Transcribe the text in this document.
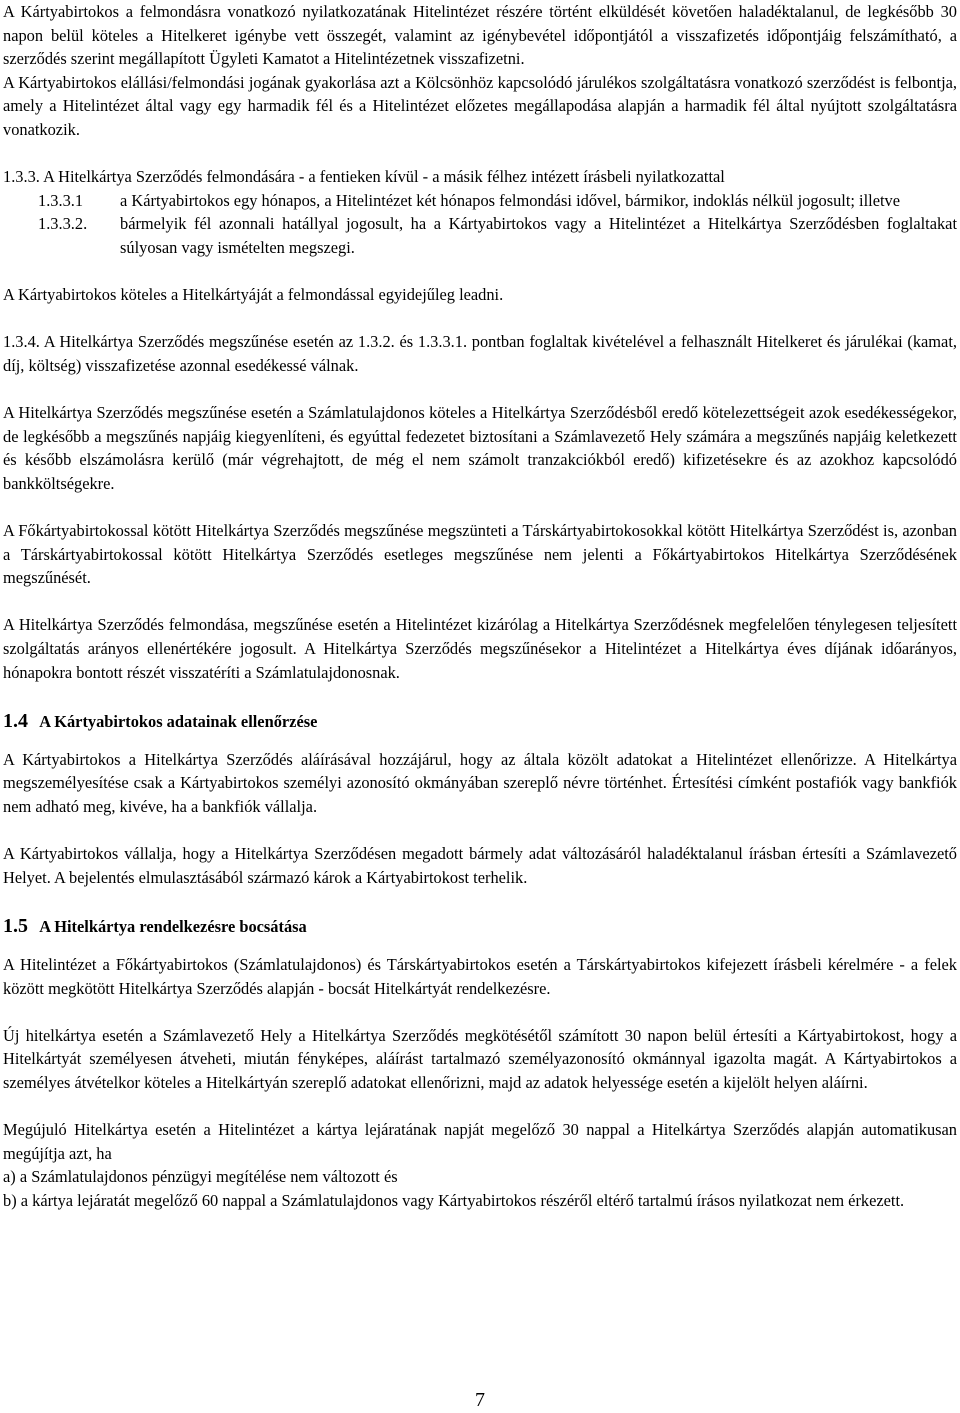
A Kártyabirtokos a felmondásra vonatkozó nyilatkozatának Hitelintézet részére történt elküldését követően haladéktalanul, de legkésőbb 30 napon belül köteles a Hitelkeret igénybe vett összegét, valamint az igénybevétel időpontjától a visszafizetés időpontjáig felszámítható, a szerződés szerint megállapított Ügyleti Kamatot a Hitelintézetnek visszafizetni.

A Kártyabirtokos elállási/felmondási jogának gyakorlása azt a Kölcsönhöz kapcsolódó járulékos szolgáltatásra vonatkozó szerződést is felbontja, amely a Hitelintézet által vagy egy harmadik fél és a Hitelintézet előzetes megállapodása alapján a harmadik fél által nyújtott szolgáltatásra vonatkozik.

1.3.3. A Hitelkártya Szerződés felmondására - a fentieken kívül - a másik félhez intézett írásbeli nyilatkozattal

1.3.3.1	a Kártyabirtokos egy hónapos, a Hitelintézet két hónapos felmondási idővel, bármikor, indoklás nélkül jogosult; illetve
1.3.3.2.	bármelyik fél azonnali hatállyal jogosult, ha a Kártyabirtokos vagy a Hitelintézet a Hitelkártya Szerződésben foglaltakat súlyosan vagy ismételten megszegi.

A Kártyabirtokos köteles a Hitelkártyáját a felmondással egyidejűleg leadni.

1.3.4. A Hitelkártya Szerződés megszűnése esetén az 1.3.2. és 1.3.3.1. pontban foglaltak kivételével a felhasznált Hitelkeret és járulékai (kamat, díj, költség) visszafizetése azonnal esedékessé válnak.

A Hitelkártya Szerződés megszűnése esetén a Számlatulajdonos köteles a Hitelkártya Szerződésből eredő kötelezettségeit azok esedékességekor, de legkésőbb a megszűnés napjáig kiegyenlíteni, és egyúttal fedezetet biztosítani a Számlavezető Hely számára a megszűnés napjáig keletkezett és később elszámolásra kerülő (már végrehajtott, de még el nem számolt tranzakciókból eredő) kifizetésekre és az azokhoz kapcsolódó bankköltségekre.

A Főkártyabirtokossal kötött Hitelkártya Szerződés megszűnése megszünteti a Társkártyabirtokosokkal kötött Hitelkártya Szerződést is, azonban a Társkártyabirtokossal kötött Hitelkártya Szerződés esetleges megszűnése nem jelenti a Főkártyabirtokos Hitelkártya Szerződésének megszűnését.

A Hitelkártya Szerződés felmondása, megszűnése esetén a Hitelintézet kizárólag a Hitelkártya Szerződésnek megfelelően ténylegesen teljesített szolgáltatás arányos ellenértékére jogosult. A Hitelkártya Szerződés megszűnésekor a Hitelintézet a Hitelkártya éves díjának időarányos, hónapokra bontott részét visszatéríti a Számlatulajdonosnak.

1.4 A Kártyabirtokos adatainak ellenőrzése

A Kártyabirtokos a Hitelkártya Szerződés aláírásával hozzájárul, hogy az általa közölt adatokat a Hitelintézet ellenőrizze. A Hitelkártya megszemélyesítése csak a Kártyabirtokos személyi azonosító okmányában szereplő névre történhet. Értesítési címként postafiók vagy bankfiók nem adható meg, kivéve, ha a bankfiók vállalja.

A Kártyabirtokos vállalja, hogy a Hitelkártya Szerződésen megadott bármely adat változásáról haladéktalanul írásban értesíti a Számlavezető Helyet. A bejelentés elmulasztásából származó károk a Kártyabirtokost terhelik.

1.5 A Hitelkártya rendelkezésre bocsátása

A Hitelintézet a Főkártyabirtokos (Számlatulajdonos) és Társkártyabirtokos esetén a Társkártyabirtokos kifejezett írásbeli kérelmére - a felek között megkötött Hitelkártya Szerződés alapján - bocsát Hitelkártyát rendelkezésre.

Új hitelkártya esetén a Számlavezető Hely a Hitelkártya Szerződés megkötésétől számított 30 napon belül értesíti a Kártyabirtokost, hogy a Hitelkártyát személyesen átveheti, miután fényképes, aláírást tartalmazó személyazonosító okmánnyal igazolta magát. A Kártyabirtokos a személyes átvételkor köteles a Hitelkártyán szereplő adatokat ellenőrizni, majd az adatok helyessége esetén a kijelölt helyen aláírni.

Megújuló Hitelkártya esetén a Hitelintézet a kártya lejáratának napját megelőző 30 nappal a Hitelkártya Szerződés alapján automatikusan megújítja azt, ha

a) a Számlatulajdonos pénzügyi megítélése nem változott és

b) a kártya lejáratát megelőző 60 nappal a Számlatulajdonos vagy Kártyabirtokos részéről eltérő tartalmú írásos nyilatkozat nem érkezett.

7
